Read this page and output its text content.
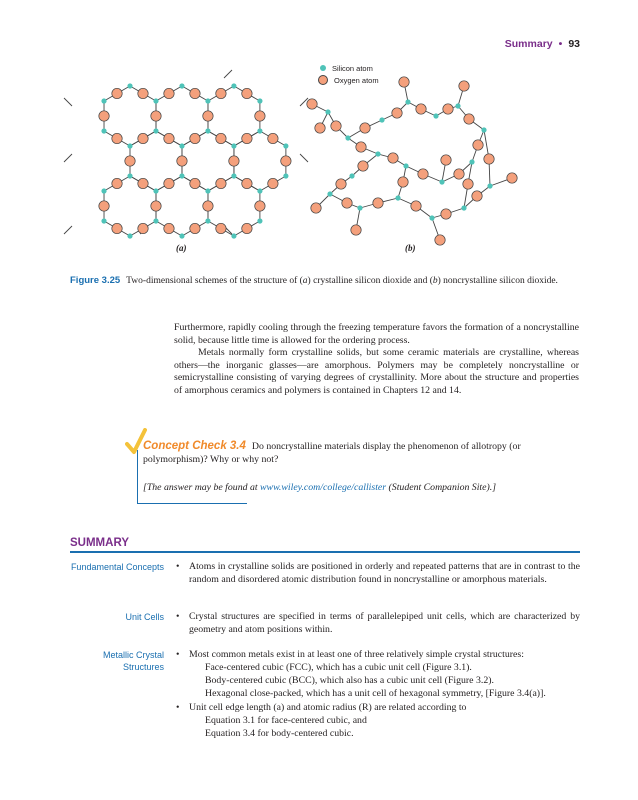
Summary • 93
Silicon atom
Oxygen atom
(a)	(b)
Figure 3.25 Two-dimensional schemes of the structure of (a) crystalline silicon dioxide and (b) noncrystalline silicon dioxide.

Furthermore, rapidly cooling through the freezing temperature favors the formation of a noncrystalline solid, because little time is allowed for the ordering process.

Metals normally form crystalline solids, but some ceramic materials are crystalline, whereas others—the inorganic glasses—are amorphous. Polymers may be completely noncrystalline or semicrystalline consisting of varying degrees of crystallinity. More about the structure and properties of amorphous ceramics and polymers is contained in Chapters 12 and 14.

Concept Check 3.4 Do noncrystalline materials display the phenomenon of allotropy (or polymorphism)? Why or why not?
[The answer may be found at www.wiley.com/college/callister (Student Companion Site).]
SUMMARY
Fundamental Concepts • Atoms in crystalline solids are positioned in orderly and repeated patterns that are in contrast to the random and disordered atomic distribution found in noncrystalline or amorphous materials.
Unit Cells • Crystal structures are specified in terms of parallelepiped unit cells, which are characterized by geometry and atom positions within.
Metallic Crystal Structures
• Most common metals exist in at least one of three relatively simple crystal structures:
Face-centered cubic (FCC), which has a cubic unit cell (Figure 3.1).
Body-centered cubic (BCC), which also has a cubic unit cell (Figure 3.2).
Hexagonal close-packed, which has a unit cell of hexagonal symmetry, [Figure 3.4(a)].
• Unit cell edge length (a) and atomic radius (R) are related according to
Equation 3.1 for face-centered cubic, and
Equation 3.4 for body-centered cubic.
